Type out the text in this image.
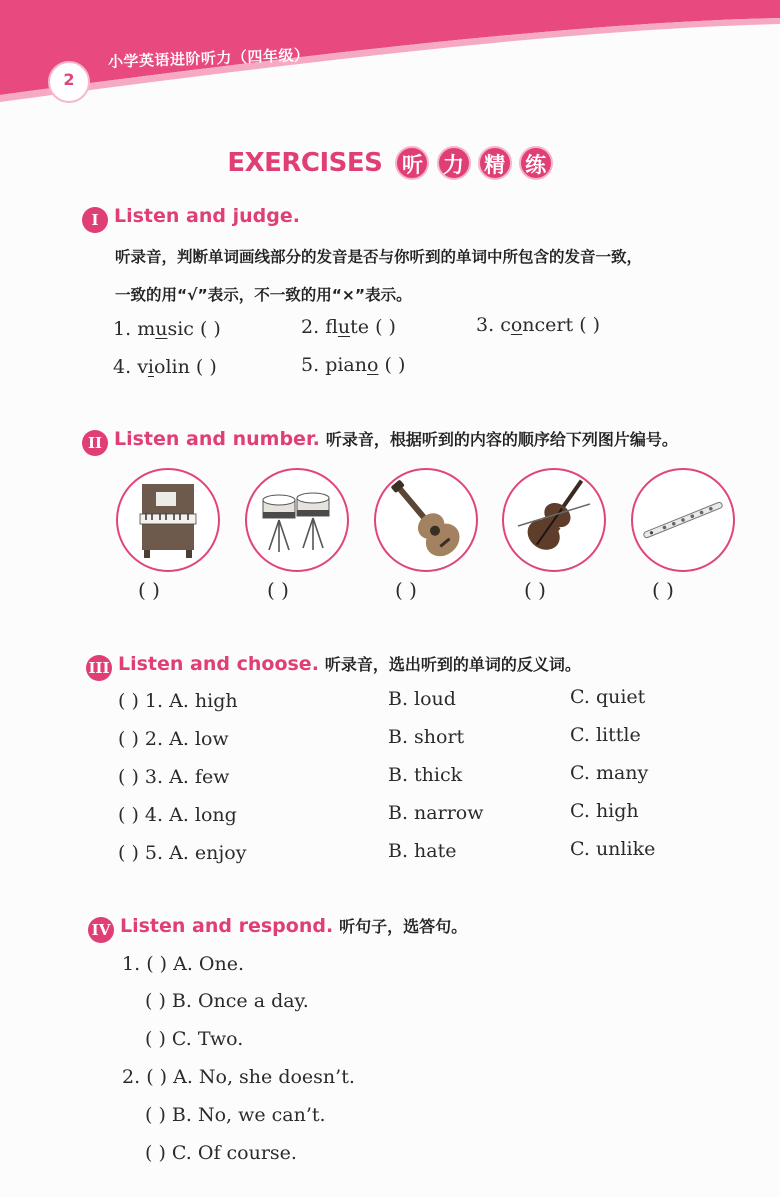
2
小学英语进阶听力（四年级）
EXERCISES 听 力 精 练
I Listen and judge.
听录音，判断单词画线部分的发音是否与你听到的单词中所包含的发音一致，
一致的用“√”表示，不一致的用“×”表示。
1. music ( )	2. flute ( )	3. concert ( )
4. violin ( )	5. piano ( )
II Listen and number. 听录音，根据听到的内容的顺序给下列图片编号。
( )	( )	( )	( )	( )
III Listen and choose. 听录音，选出听到的单词的反义词。
( ) 1. A. high	B. loud	C. quiet
( ) 2. A. low	B. short	C. little
( ) 3. A. few	B. thick	C. many
( ) 4. A. long	B. narrow	C. high
( ) 5. A. enjoy	B. hate	C. unlike
IV Listen and respond. 听句子，选答句。
1. ( ) A. One.
( ) B. Once a day.
( ) C. Two.
2. ( ) A. No, she doesn’t.
( ) B. No, we can’t.
( ) C. Of course.
